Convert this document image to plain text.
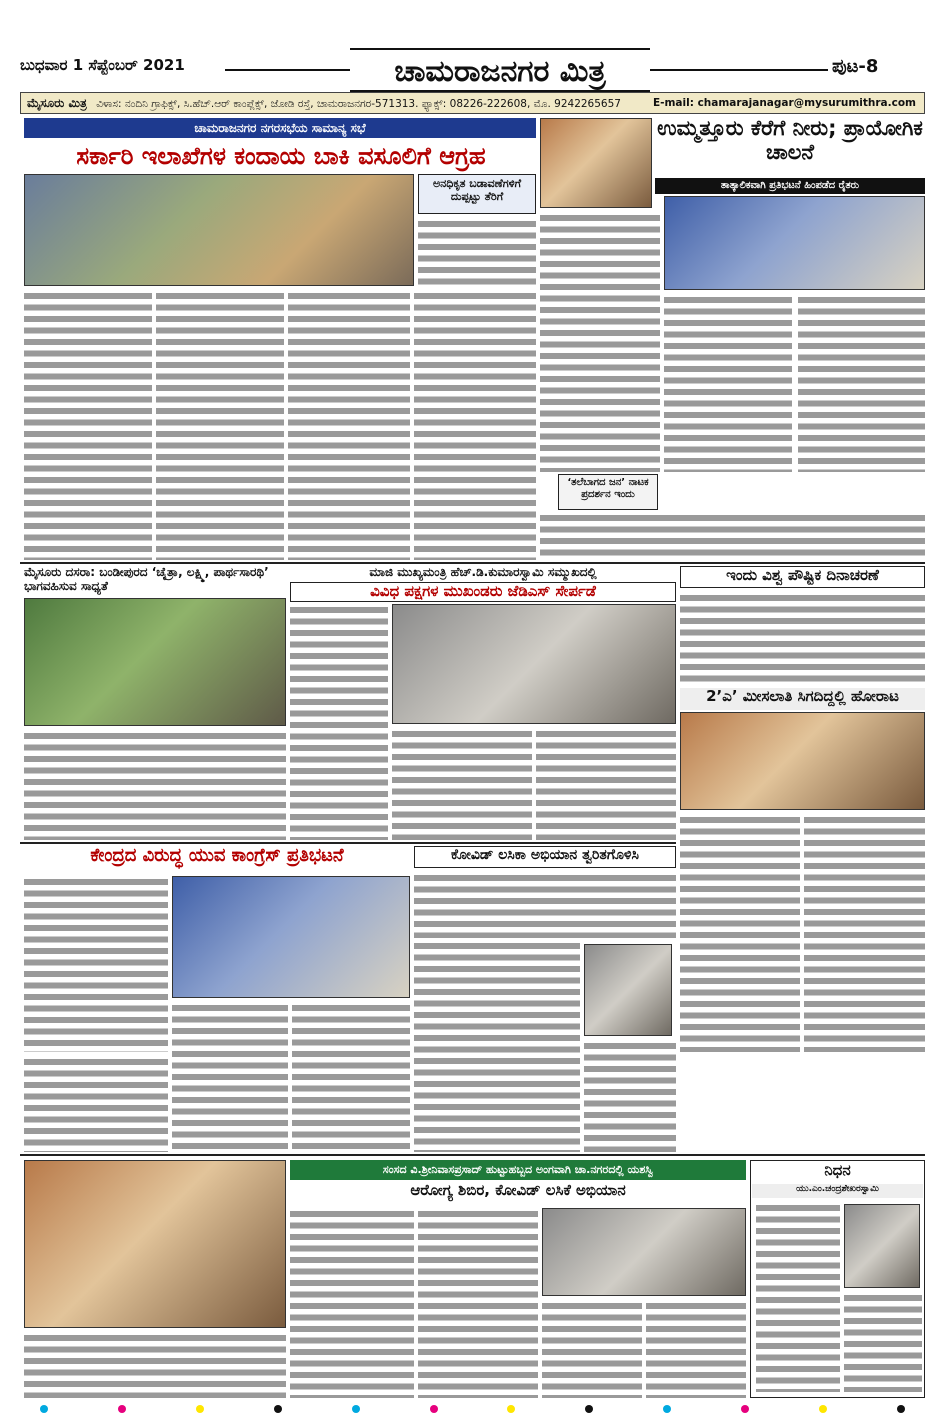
ಬುಧವಾರ 1 ಸೆಪ್ಟೆಂಬರ್ 2021	ಚಾಮರಾಜನಗರ ಮಿತ್ರ	ಪುಟ-8
ಮೈಸೂರು ಮಿತ್ರ ವಿಳಾಸ: ನಂದಿನಿ ಗ್ರಾಫಿಕ್ಸ್, ಸಿ.ಹೆಚ್.ಆರ್ ಕಾಂಪ್ಲೆಕ್ಸ್, ಜೋಡಿ ರಸ್ತೆ, ಚಾಮರಾಜನಗರ-571313. ಫ್ಯಾಕ್ಸ್: 08226-222608, ಮೊ. 9242265657	E-mail: chamarajanagar@mysurumithra.com
ಚಾಮರಾಜನಗರ ನಗರಸಭೆಯ ಸಾಮಾನ್ಯ ಸಭೆ
ಸರ್ಕಾರಿ ಇಲಾಖೆಗಳ ಕಂದಾಯ ಬಾಕಿ ವಸೂಲಿಗೆ ಆಗ್ರಹ
ಅನಧಿಕೃತ ಬಡಾವಣೆಗಳಿಗೆ ದುಪ್ಪಟ್ಟು ತೆರಿಗೆ
ಉಮ್ಮತ್ತೂರು ಕೆರೆಗೆ ನೀರು; ಪ್ರಾಯೋಗಿಕ ಚಾಲನೆ
ತಾತ್ಕಾಲಿಕವಾಗಿ ಪ್ರತಿಭಟನೆ ಹಿಂಪಡೆದ ರೈತರು
‘ತಲೆಬಾಗದ ಜನ’ ನಾಟಕ ಪ್ರದರ್ಶನ ಇಂದು
ಮೈಸೂರು ದಸರಾ: ಬಂಡೀಪುರದ ‘ಚೈತ್ರಾ, ಲಕ್ಷ್ಮಿ, ಪಾರ್ಥಸಾರಥಿ’ ಭಾಗವಹಿಸುವ ಸಾಧ್ಯತೆ
ಮಾಜಿ ಮುಖ್ಯಮಂತ್ರಿ ಹೆಚ್.ಡಿ.ಕುಮಾರಸ್ವಾಮಿ ಸಮ್ಮುಖದಲ್ಲಿ
ವಿವಿಧ ಪಕ್ಷಗಳ ಮುಖಂಡರು ಜೆಡಿಎಸ್ ಸೇರ್ಪಡೆ
ಇಂದು ವಿಶ್ವ ಪೌಷ್ಟಿಕ ದಿನಾಚರಣೆ
2’ಎ’ ಮೀಸಲಾತಿ ಸಿಗದಿದ್ದಲ್ಲಿ ಹೋರಾಟ
ಕೇಂದ್ರದ ವಿರುದ್ಧ ಯುವ ಕಾಂಗ್ರೆಸ್ ಪ್ರತಿಭಟನೆ	ಕೋವಿಡ್ ಲಸಿಕಾ ಅಭಿಯಾನ ತ್ವರಿತಗೊಳಿಸಿ
ಸಂಸದ ವಿ.ಶ್ರೀನಿವಾಸಪ್ರಸಾದ್ ಹುಟ್ಟುಹಬ್ಬದ ಅಂಗವಾಗಿ ಚಾ.ನಗರದಲ್ಲಿ ಯಶಸ್ವಿ
ಆರೋಗ್ಯ ಶಿಬಿರ, ಕೋವಿಡ್ ಲಸಿಕೆ ಅಭಿಯಾನ
ನಿಧನ
ಯು.ಎಂ.ಚಂದ್ರಶೇಖರಸ್ವಾಮಿ
